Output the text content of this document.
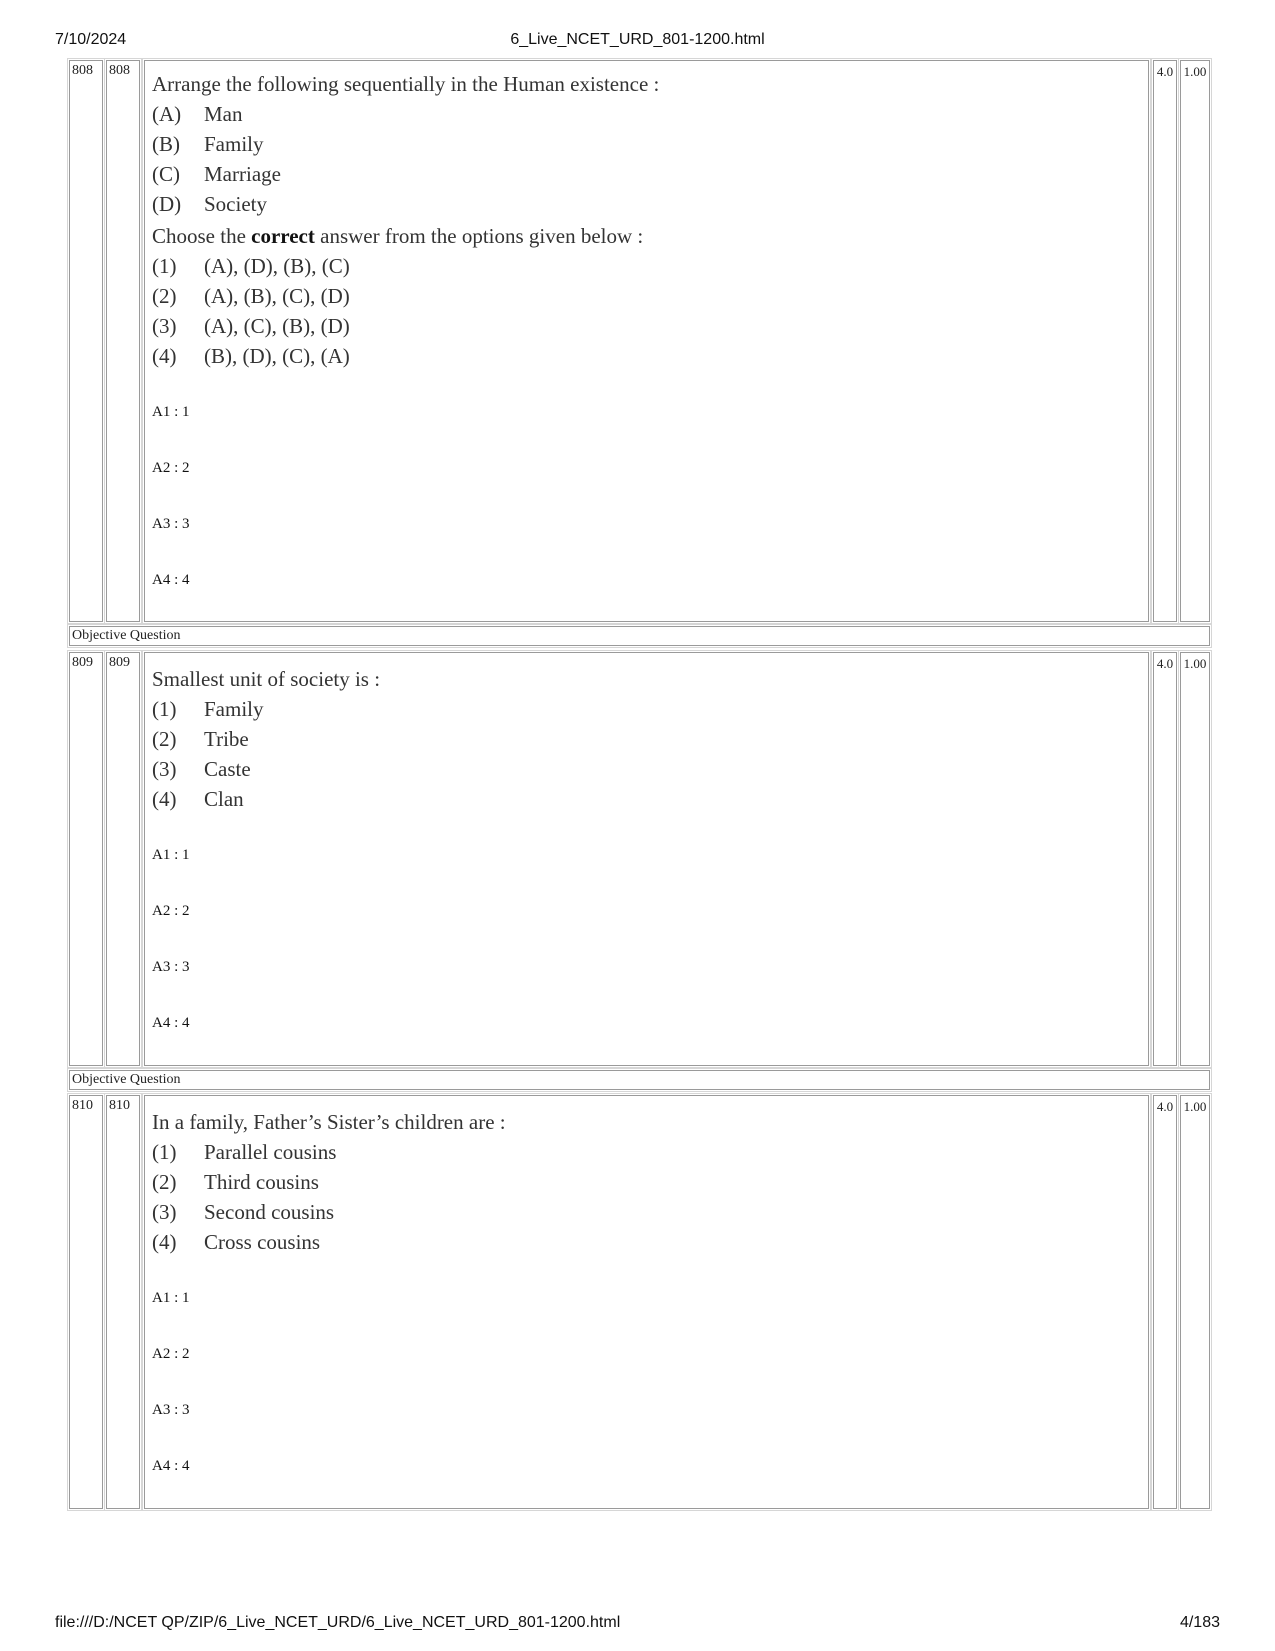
7/10/2024	6_Live_NCET_URD_801-1200.html
808	808	4.0 1.00
Arrange the following sequentially in the Human existence :
(A)	Man
(B)	Family
(C)	Marriage
(D)	Society
Choose the correct answer from the options given below :
(1)	(A), (D), (B), (C)
(2)	(A), (B), (C), (D)
(3)	(A), (C), (B), (D)
(4)	(B), (D), (C), (A)
A1 : 1
A2 : 2
A3 : 3
A4 : 4
Objective Question
809	809	4.0 1.00
Smallest unit of society is :
(1)	Family
(2)	Tribe
(3)	Caste
(4)	Clan
A1 : 1
A2 : 2
A3 : 3
A4 : 4
Objective Question
810	810	4.0 1.00
In a family, Father’s Sister’s children are :
(1)	Parallel cousins
(2)	Third cousins
(3)	Second cousins
(4)	Cross cousins
A1 : 1
A2 : 2
A3 : 3
A4 : 4
file:///D:/NCET QP/ZIP/6_Live_NCET_URD/6_Live_NCET_URD_801-1200.html	4/183
